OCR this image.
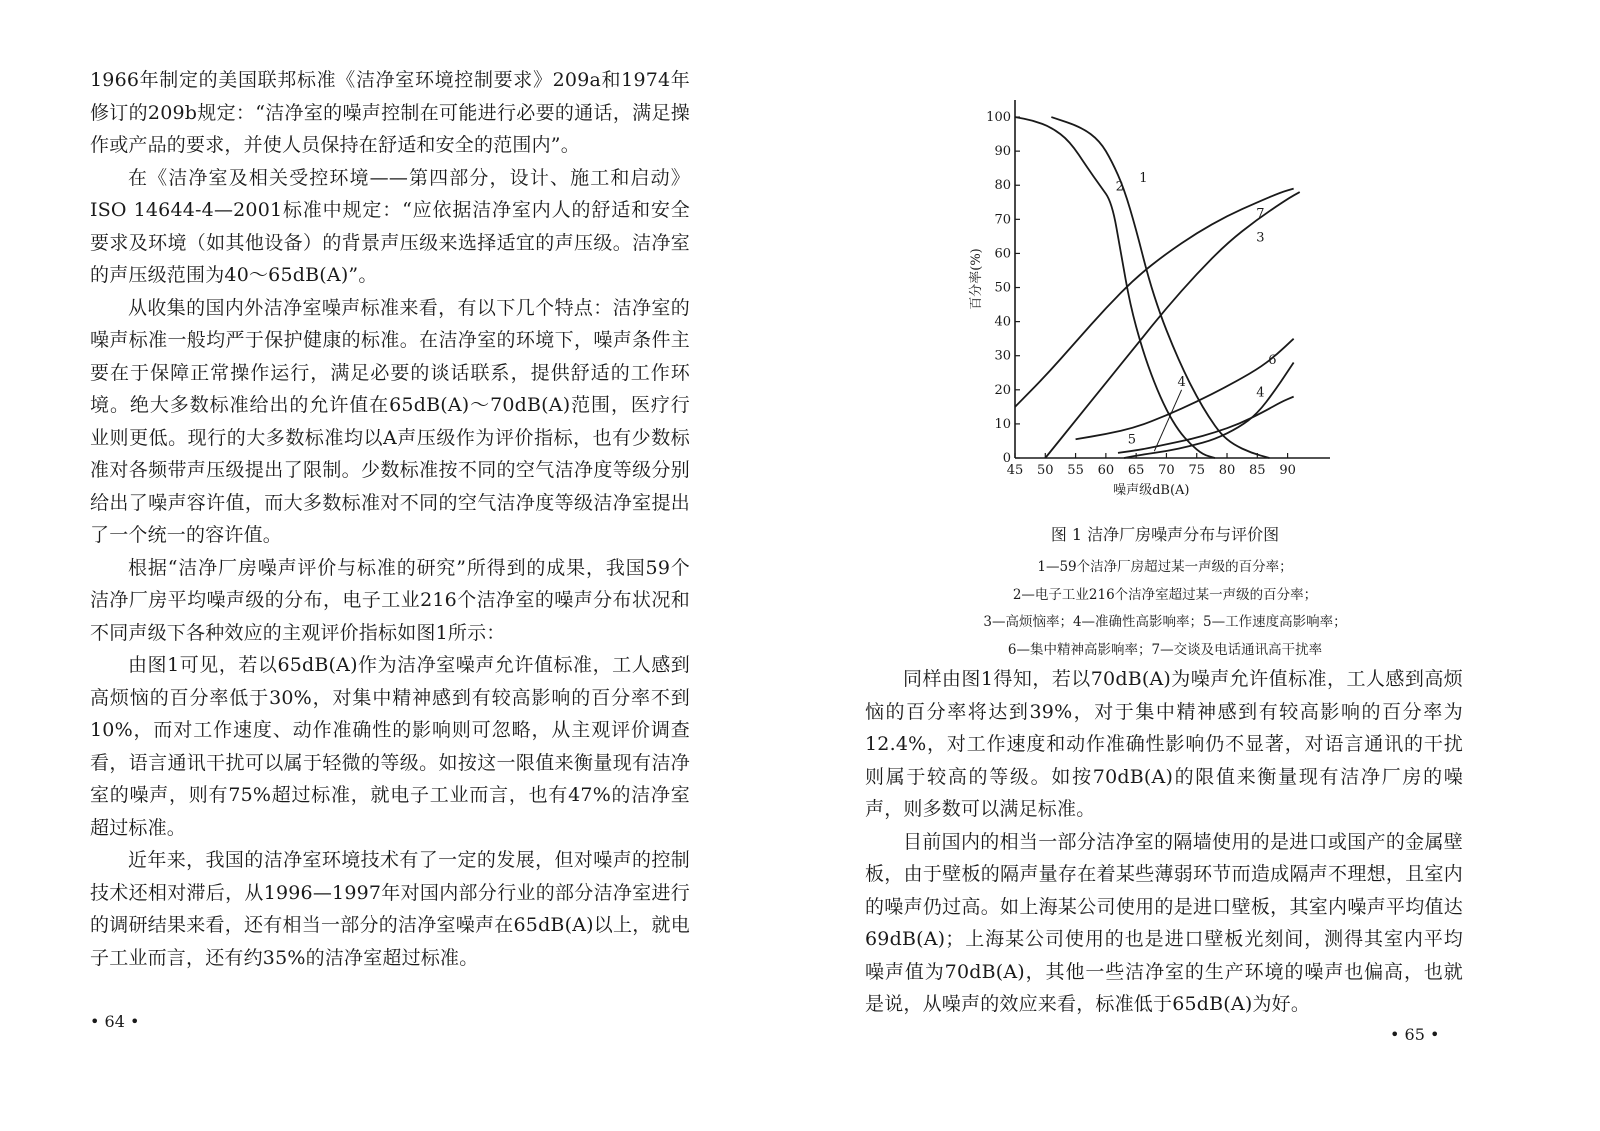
1966年制定的美国联邦标准《洁净室环境控制要求》209a和1974年修订的209b规定：“洁净室的噪声控制在可能进行必要的通话，满足操作或产品的要求，并使人员保持在舒适和安全的范围内”。

在《洁净室及相关受控环境——第四部分，设计、施工和启动》ISO 14644-4—2001标准中规定：“应依据洁净室内人的舒适和安全要求及环境（如其他设备）的背景声压级来选择适宜的声压级。洁净室的声压级范围为40～65dB(A)”。

从收集的国内外洁净室噪声标准来看，有以下几个特点：洁净室的噪声标准一般均严于保护健康的标准。在洁净室的环境下，噪声条件主要在于保障正常操作运行，满足必要的谈话联系，提供舒适的工作环境。绝大多数标准给出的允许值在65dB(A)～70dB(A)范围，医疗行业则更低。现行的大多数标准均以A声压级作为评价指标，也有少数标准对各频带声压级提出了限制。少数标准按不同的空气洁净度等级分别给出了噪声容许值，而大多数标准对不同的空气洁净度等级洁净室提出了一个统一的容许值。

根据“洁净厂房噪声评价与标准的研究”所得到的成果，我国59个洁净厂房平均噪声级的分布，电子工业216个洁净室的噪声分布状况和不同声级下各种效应的主观评价指标如图1所示：

由图1可见，若以65dB(A)作为洁净室噪声允许值标准，工人感到高烦恼的百分率低于30%，对集中精神感到有较高影响的百分率不到10%，而对工作速度、动作准确性的影响则可忽略，从主观评价调查看，语言通讯干扰可以属于轻微的等级。如按这一限值来衡量现有洁净室的噪声，则有75%超过标准，就电子工业而言，也有47%的洁净室超过标准。

近年来，我国的洁净室环境技术有了一定的发展，但对噪声的控制技术还相对滞后，从1996—1997年对国内部分行业的部分洁净室进行的调研结果来看，还有相当一部分的洁净室噪声在65dB(A)以上，就电子工业而言，还有约35%的洁净室超过标准。

• 64 •
0
10
20
30
40
50
60
70
80
90
100
45 50 55 60 65 70 75 80 85 90
1
2
3
4
5
6
7
4
百分率(%)
噪声级dB(A)
图 1 洁净厂房噪声分布与评价图
1—59个洁净厂房超过某一声级的百分率；
2—电子工业216个洁净室超过某一声级的百分率；
3—高烦恼率；4—准确性高影响率；5—工作速度高影响率；
6—集中精神高影响率；7—交谈及电话通讯高干扰率

同样由图1得知，若以70dB(A)为噪声允许值标准，工人感到高烦恼的百分率将达到39%，对于集中精神感到有较高影响的百分率为12.4%，对工作速度和动作准确性影响仍不显著，对语言通讯的干扰则属于较高的等级。如按70dB(A)的限值来衡量现有洁净厂房的噪声，则多数可以满足标准。

目前国内的相当一部分洁净室的隔墙使用的是进口或国产的金属壁板，由于壁板的隔声量存在着某些薄弱环节而造成隔声不理想，且室内的噪声仍过高。如上海某公司使用的是进口壁板，其室内噪声平均值达69dB(A)；上海某公司使用的也是进口壁板光刻间，测得其室内平均噪声值为70dB(A)，其他一些洁净室的生产环境的噪声也偏高，也就是说，从噪声的效应来看，标准低于65dB(A)为好。

• 65 •
